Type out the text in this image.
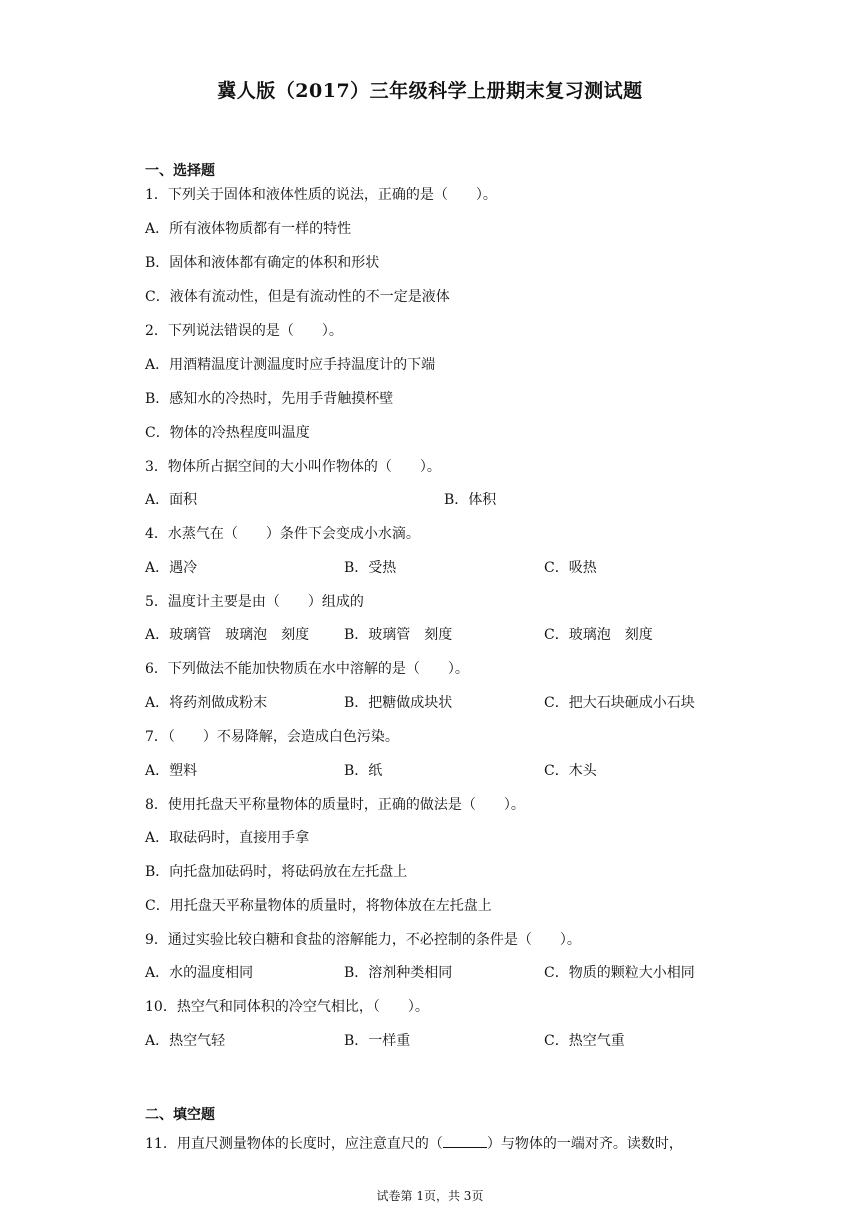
冀人版（2017）三年级科学上册期末复习测试题
一、选择题
1．下列关于固体和液体性质的说法，正确的是（　　）。
A．所有液体物质都有一样的特性
B．固体和液体都有确定的体积和形状
C．液体有流动性，但是有流动性的不一定是液体
2．下列说法错误的是（　　）。
A．用酒精温度计测温度时应手持温度计的下端
B．感知水的冷热时，先用手背触摸杯壁
C．物体的冷热程度叫温度
3．物体所占据空间的大小叫作物体的（　　）。
A．面积	B．体积
4．水蒸气在（　　）条件下会变成小水滴。
A．遇冷	B．受热	C．吸热
5．温度计主要是由（　　）组成的
A．玻璃管　玻璃泡　刻度 B．玻璃管　刻度	C．玻璃泡　刻度
6．下列做法不能加快物质在水中溶解的是（　　）。
A．将药剂做成粉末	B．把糖做成块状	C．把大石块砸成小石块
7．（　　）不易降解，会造成白色污染。
A．塑料	B．纸	C．木头
8．使用托盘天平称量物体的质量时，正确的做法是（　　）。
A．取砝码时，直接用手拿
B．向托盘加砝码时，将砝码放在左托盘上
C．用托盘天平称量物体的质量时，将物体放在左托盘上
9．通过实验比较白糖和食盐的溶解能力，不必控制的条件是（　　）。
A．水的温度相同	B．溶剂种类相同	C．物质的颗粒大小相同
10．热空气和同体积的冷空气相比，（　　）。
A．热空气轻	B．一样重	C．热空气重
二、填空题
11．用直尺测量物体的长度时，应注意直尺的（	）与物体的一端对齐。读数时，
试卷第 1页，共 3页
